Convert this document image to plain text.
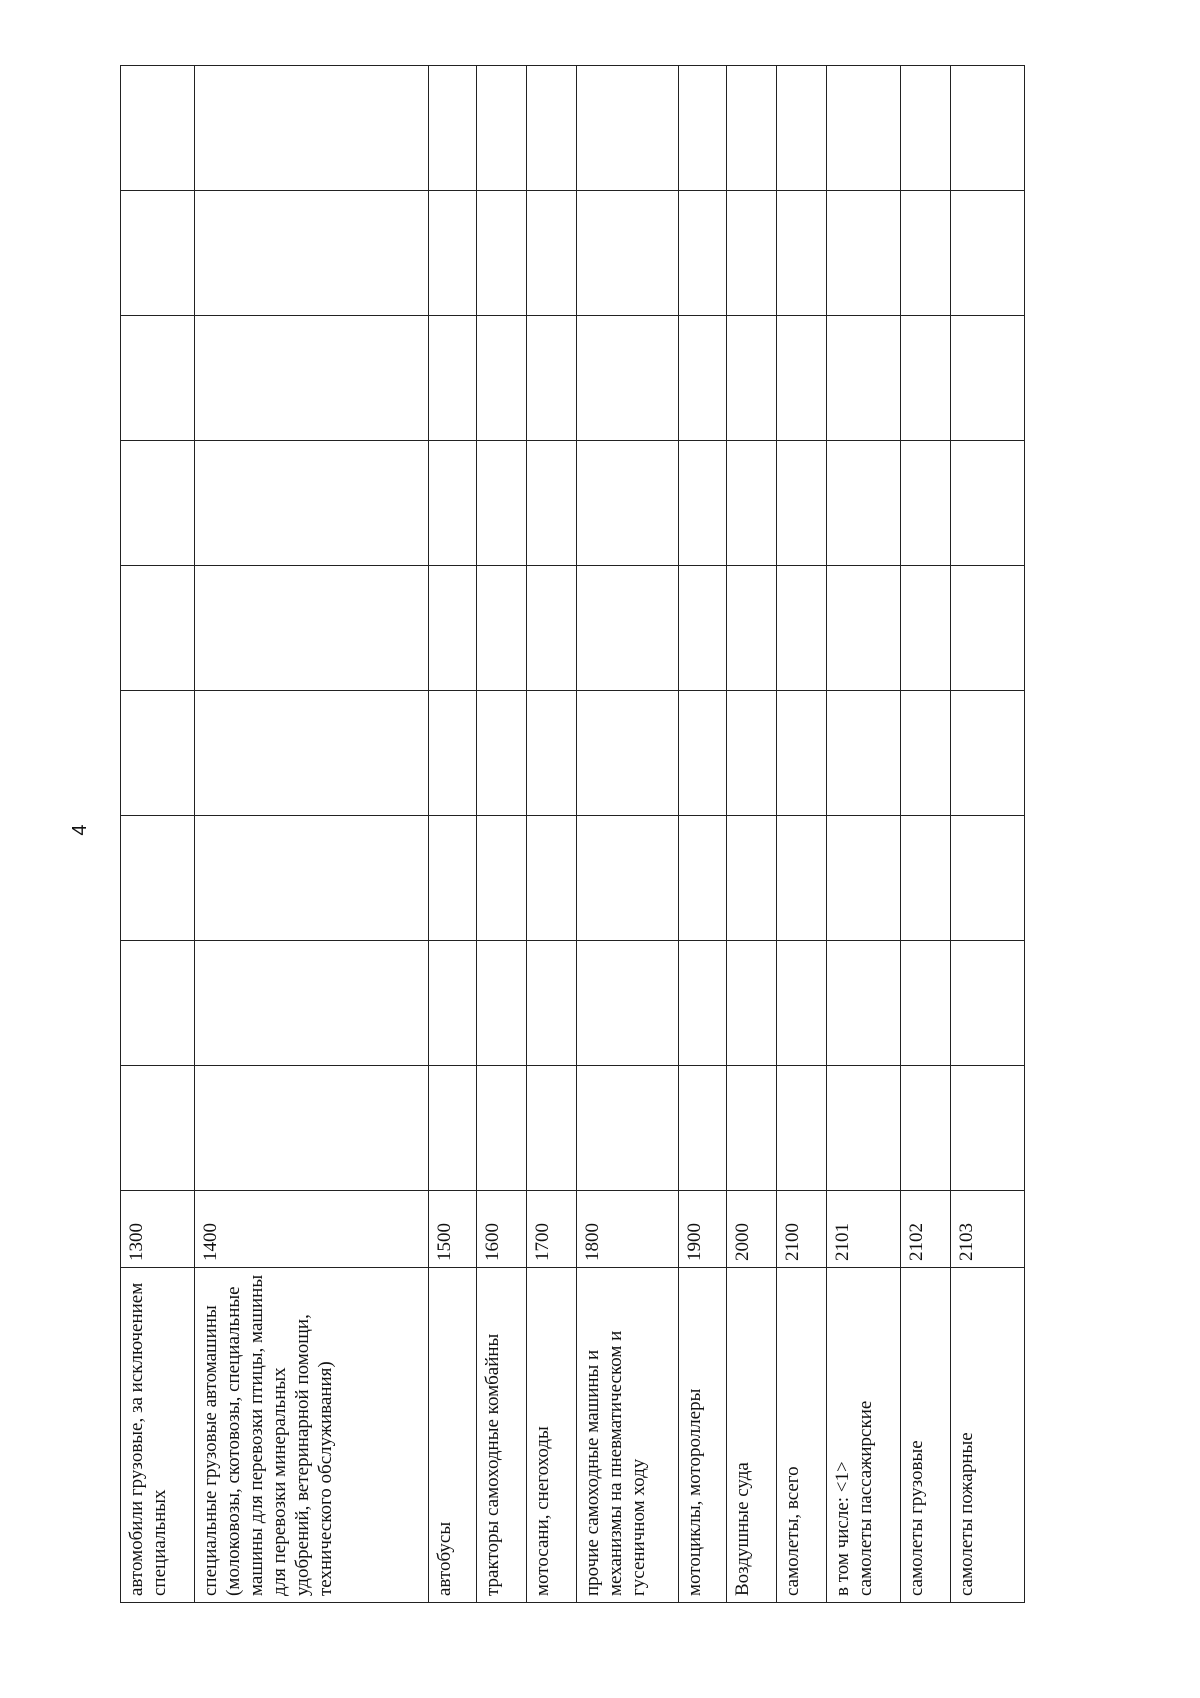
4
автомобили грузовые, за исключением специальных	1300									
специальные грузовые автомашины (молоковозы, скотовозы, специальные машины для перевозки птицы, машины для перевозки минеральных удобрений, ветеринарной помощи, технического обслуживания)	1400									
автобусы	1500									
тракторы самоходные комбайны	1600									
мотосани, снегоходы	1700									
прочие самоходные машины и механизмы на пневматическом и гусеничном ходу	1800									
мотоциклы, мотороллеры	1900									
Воздушные суда	2000									
самолеты, всего	2100									

в том числе: <1> самолеты пассажирские	2101									
самолеты грузовые	2102									
самолеты пожарные	2103									
